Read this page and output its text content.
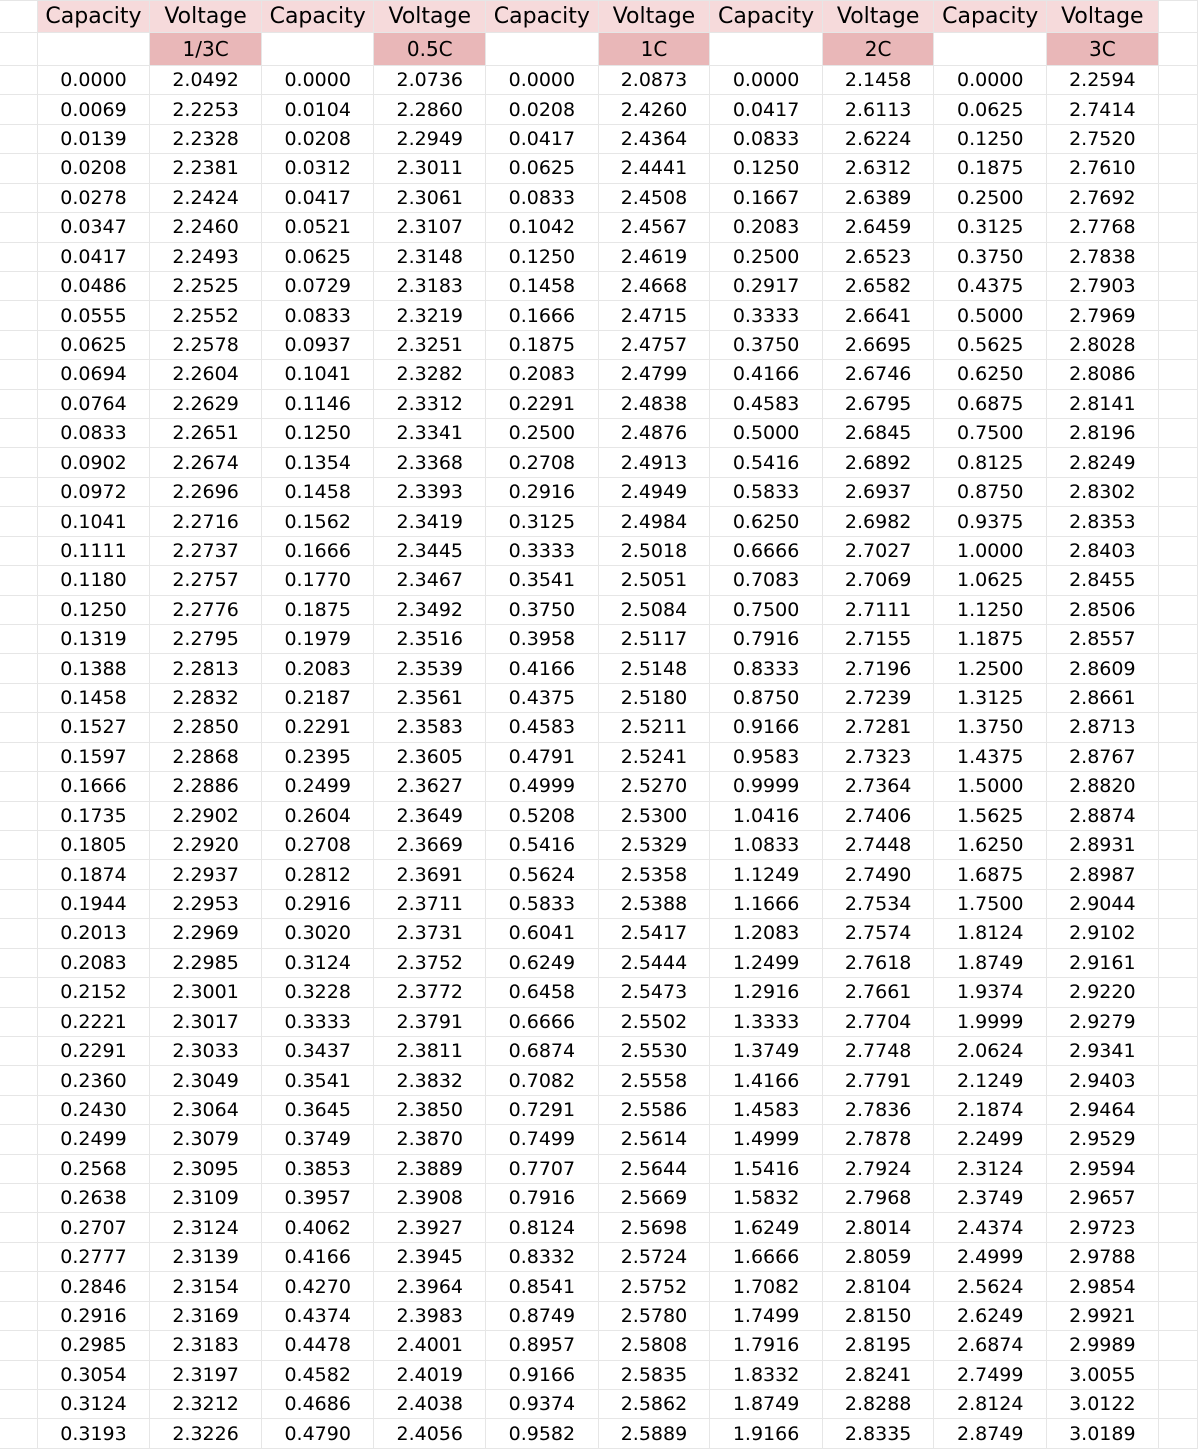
	Capacity	Voltage	Capacity	Voltage	Capacity	Voltage	Capacity	Voltage	Capacity	Voltage	
		1/3C		0.5C		1C		2C		3C	
	0.0000	2.0492	0.0000	2.0736	0.0000	2.0873	0.0000	2.1458	0.0000	2.2594	
	0.0069	2.2253	0.0104	2.2860	0.0208	2.4260	0.0417	2.6113	0.0625	2.7414	
	0.0139	2.2328	0.0208	2.2949	0.0417	2.4364	0.0833	2.6224	0.1250	2.7520	
	0.0208	2.2381	0.0312	2.3011	0.0625	2.4441	0.1250	2.6312	0.1875	2.7610	
	0.0278	2.2424	0.0417	2.3061	0.0833	2.4508	0.1667	2.6389	0.2500	2.7692	
	0.0347	2.2460	0.0521	2.3107	0.1042	2.4567	0.2083	2.6459	0.3125	2.7768	
	0.0417	2.2493	0.0625	2.3148	0.1250	2.4619	0.2500	2.6523	0.3750	2.7838	
	0.0486	2.2525	0.0729	2.3183	0.1458	2.4668	0.2917	2.6582	0.4375	2.7903	
	0.0555	2.2552	0.0833	2.3219	0.1666	2.4715	0.3333	2.6641	0.5000	2.7969	
	0.0625	2.2578	0.0937	2.3251	0.1875	2.4757	0.3750	2.6695	0.5625	2.8028	
	0.0694	2.2604	0.1041	2.3282	0.2083	2.4799	0.4166	2.6746	0.6250	2.8086	
	0.0764	2.2629	0.1146	2.3312	0.2291	2.4838	0.4583	2.6795	0.6875	2.8141	
	0.0833	2.2651	0.1250	2.3341	0.2500	2.4876	0.5000	2.6845	0.7500	2.8196	
	0.0902	2.2674	0.1354	2.3368	0.2708	2.4913	0.5416	2.6892	0.8125	2.8249	
	0.0972	2.2696	0.1458	2.3393	0.2916	2.4949	0.5833	2.6937	0.8750	2.8302	
	0.1041	2.2716	0.1562	2.3419	0.3125	2.4984	0.6250	2.6982	0.9375	2.8353	
	0.1111	2.2737	0.1666	2.3445	0.3333	2.5018	0.6666	2.7027	1.0000	2.8403	
	0.1180	2.2757	0.1770	2.3467	0.3541	2.5051	0.7083	2.7069	1.0625	2.8455	
	0.1250	2.2776	0.1875	2.3492	0.3750	2.5084	0.7500	2.7111	1.1250	2.8506	
	0.1319	2.2795	0.1979	2.3516	0.3958	2.5117	0.7916	2.7155	1.1875	2.8557	
	0.1388	2.2813	0.2083	2.3539	0.4166	2.5148	0.8333	2.7196	1.2500	2.8609	
	0.1458	2.2832	0.2187	2.3561	0.4375	2.5180	0.8750	2.7239	1.3125	2.8661	
	0.1527	2.2850	0.2291	2.3583	0.4583	2.5211	0.9166	2.7281	1.3750	2.8713	
	0.1597	2.2868	0.2395	2.3605	0.4791	2.5241	0.9583	2.7323	1.4375	2.8767	
	0.1666	2.2886	0.2499	2.3627	0.4999	2.5270	0.9999	2.7364	1.5000	2.8820	
	0.1735	2.2902	0.2604	2.3649	0.5208	2.5300	1.0416	2.7406	1.5625	2.8874	
	0.1805	2.2920	0.2708	2.3669	0.5416	2.5329	1.0833	2.7448	1.6250	2.8931	
	0.1874	2.2937	0.2812	2.3691	0.5624	2.5358	1.1249	2.7490	1.6875	2.8987	
	0.1944	2.2953	0.2916	2.3711	0.5833	2.5388	1.1666	2.7534	1.7500	2.9044	
	0.2013	2.2969	0.3020	2.3731	0.6041	2.5417	1.2083	2.7574	1.8124	2.9102	
	0.2083	2.2985	0.3124	2.3752	0.6249	2.5444	1.2499	2.7618	1.8749	2.9161	
	0.2152	2.3001	0.3228	2.3772	0.6458	2.5473	1.2916	2.7661	1.9374	2.9220	
	0.2221	2.3017	0.3333	2.3791	0.6666	2.5502	1.3333	2.7704	1.9999	2.9279	
	0.2291	2.3033	0.3437	2.3811	0.6874	2.5530	1.3749	2.7748	2.0624	2.9341	
	0.2360	2.3049	0.3541	2.3832	0.7082	2.5558	1.4166	2.7791	2.1249	2.9403	
	0.2430	2.3064	0.3645	2.3850	0.7291	2.5586	1.4583	2.7836	2.1874	2.9464	
	0.2499	2.3079	0.3749	2.3870	0.7499	2.5614	1.4999	2.7878	2.2499	2.9529	
	0.2568	2.3095	0.3853	2.3889	0.7707	2.5644	1.5416	2.7924	2.3124	2.9594	
	0.2638	2.3109	0.3957	2.3908	0.7916	2.5669	1.5832	2.7968	2.3749	2.9657	
	0.2707	2.3124	0.4062	2.3927	0.8124	2.5698	1.6249	2.8014	2.4374	2.9723	
	0.2777	2.3139	0.4166	2.3945	0.8332	2.5724	1.6666	2.8059	2.4999	2.9788	
	0.2846	2.3154	0.4270	2.3964	0.8541	2.5752	1.7082	2.8104	2.5624	2.9854	
	0.2916	2.3169	0.4374	2.3983	0.8749	2.5780	1.7499	2.8150	2.6249	2.9921	
	0.2985	2.3183	0.4478	2.4001	0.8957	2.5808	1.7916	2.8195	2.6874	2.9989	
	0.3054	2.3197	0.4582	2.4019	0.9166	2.5835	1.8332	2.8241	2.7499	3.0055	
	0.3124	2.3212	0.4686	2.4038	0.9374	2.5862	1.8749	2.8288	2.8124	3.0122	
	0.3193	2.3226	0.4790	2.4056	0.9582	2.5889	1.9166	2.8335	2.8749	3.0189	
